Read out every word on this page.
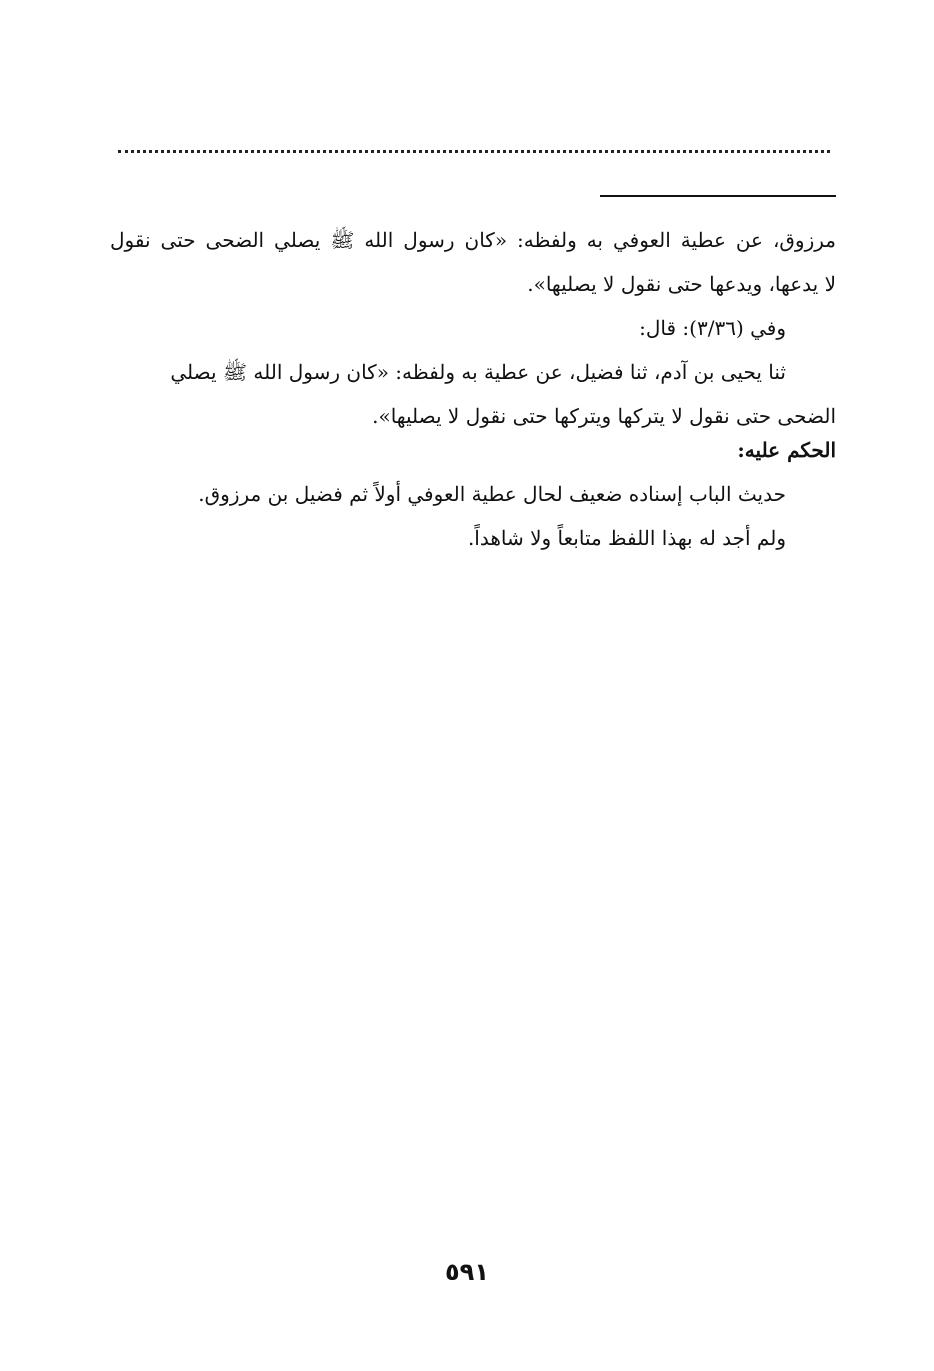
مرزوق، عن عطية العوفي به ولفظه: «كان رسول الله ﷺ يصلي الضحى حتى نقول
لا يدعها، ويدعها حتى نقول لا يصليها».
وفي (٣/٣٦): قال:
ثنا يحيى بن آدم، ثنا فضيل، عن عطية به ولفظه: «كان رسول الله ﷺ يصلي
الضحى حتى نقول لا يتركها ويتركها حتى نقول لا يصليها».
الحكم عليه:
حديث الباب إسناده ضعيف لحال عطية العوفي أولاً ثم فضيل بن مرزوق.
ولم أجد له بهذا اللفظ متابعاً ولا شاهداً.
٥٩١
